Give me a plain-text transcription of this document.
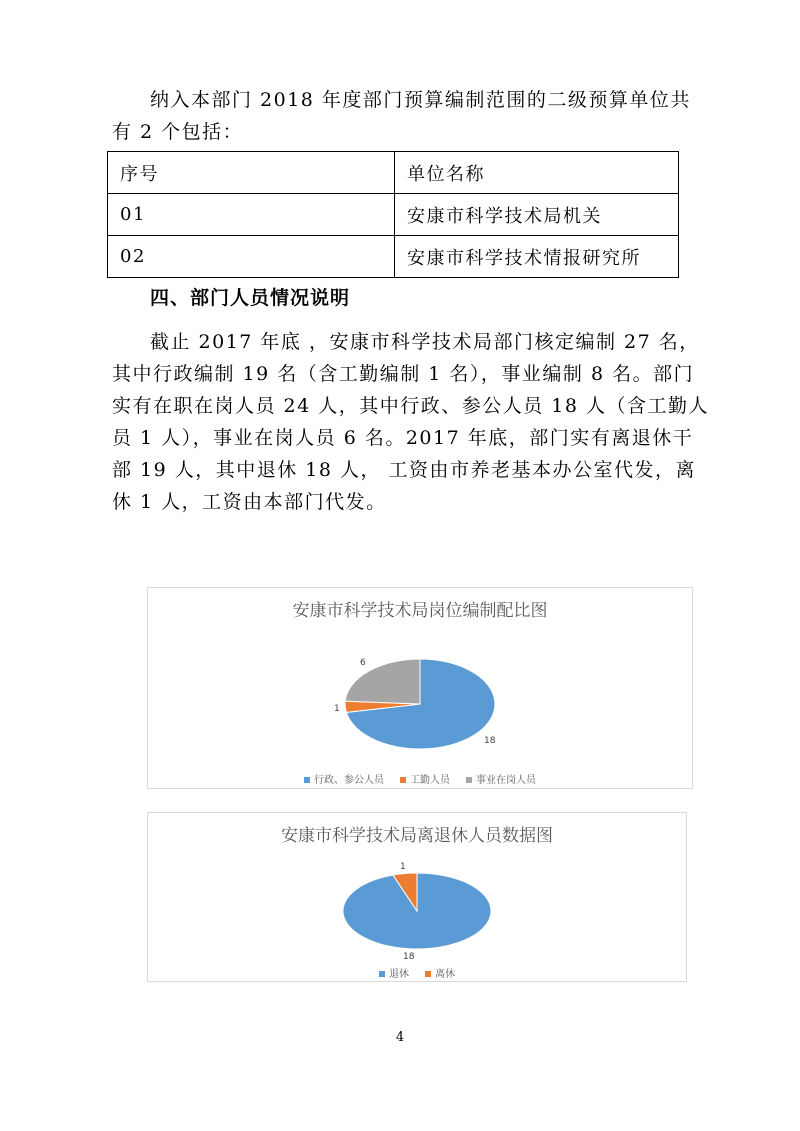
纳入本部门 2018 年度部门预算编制范围的二级预算单位共
有 2 个包括：

序号	单位名称
01	安康市科学技术局机关
02	安康市科学技术情报研究所
四、部门人员情况说明

截止 2017 年底 ，安康市科学技术局部门核定编制 27 名，
其中行政编制 19 名（含工勤编制 1 名），事业编制 8 名。部门
实有在职在岗人员 24 人，其中行政、参公人员 18 人（含工勤人
员 1 人），事业在岗人员 6 名。2017 年底，部门实有离退休干
部 19 人，其中退休 18 人， 工资由市养老基本办公室代发，离
休 1 人，工资由本部门代发。

安康市科学技术局岗位编制配比图
18
1
6
行政、参公人员	工勤人员	事业在岗人员
安康市科学技术局离退休人员数据图
18
1
退休	离休
4
